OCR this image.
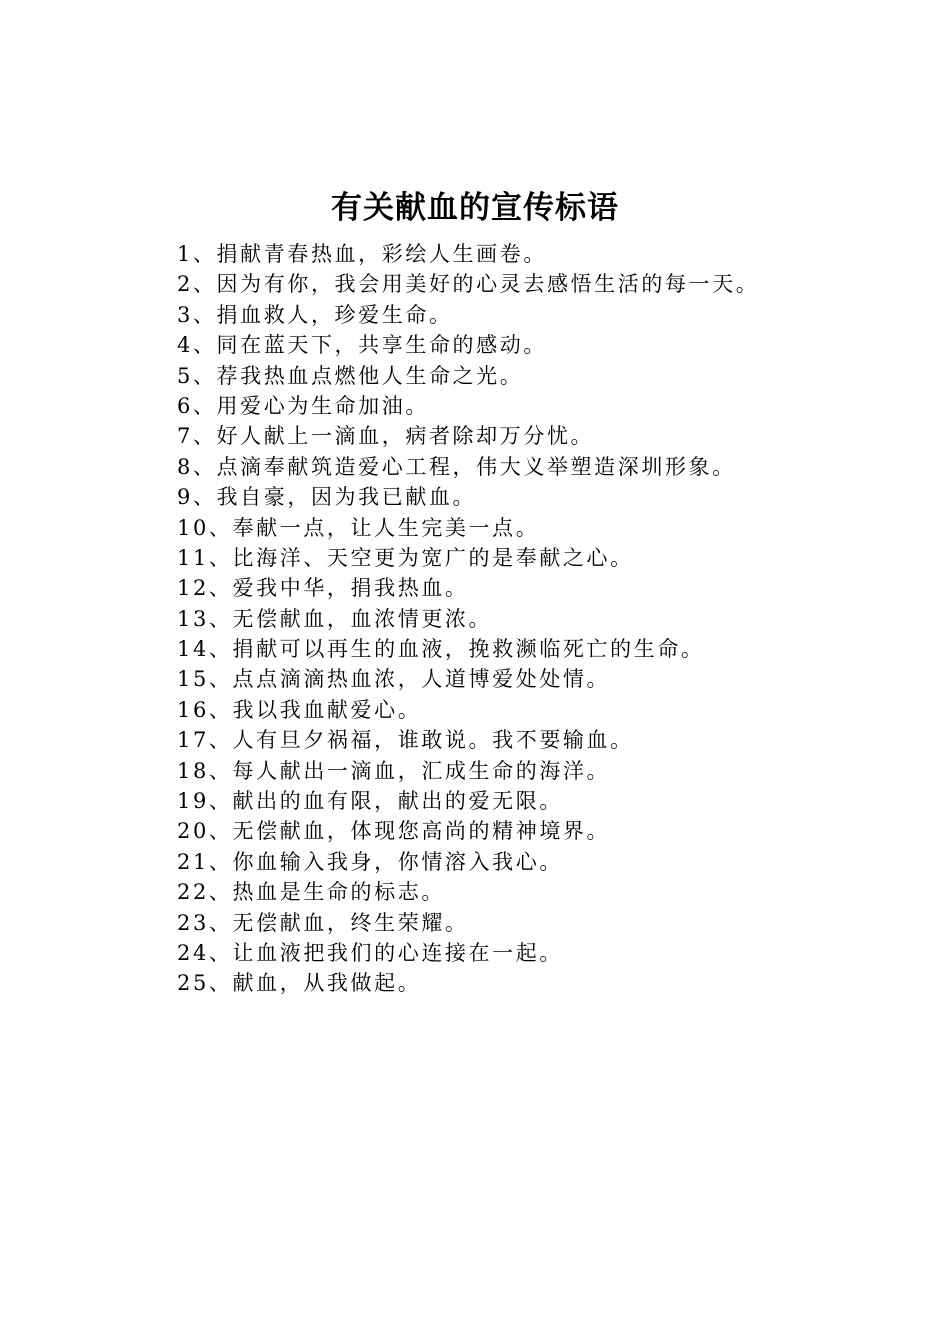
有关献血的宣传标语
1、捐献青春热血，彩绘人生画卷。
2、因为有你，我会用美好的心灵去感悟生活的每一天。
3、捐血救人，珍爱生命。
4、同在蓝天下，共享生命的感动。
5、荐我热血点燃他人生命之光。
6、用爱心为生命加油。
7、好人献上一滴血，病者除却万分忧。
8、点滴奉献筑造爱心工程，伟大义举塑造深圳形象。
9、我自豪，因为我已献血。
10、奉献一点，让人生完美一点。
11、比海洋、天空更为宽广的是奉献之心。
12、爱我中华，捐我热血。
13、无偿献血，血浓情更浓。
14、捐献可以再生的血液，挽救濒临死亡的生命。
15、点点滴滴热血浓，人道博爱处处情。
16、我以我血献爱心。
17、人有旦夕祸福，谁敢说。我不要输血。
18、每人献出一滴血，汇成生命的海洋。
19、献出的血有限，献出的爱无限。
20、无偿献血，体现您高尚的精神境界。
21、你血输入我身，你情溶入我心。
22、热血是生命的标志。
23、无偿献血，终生荣耀。
24、让血液把我们的心连接在一起。
25、献血，从我做起。
